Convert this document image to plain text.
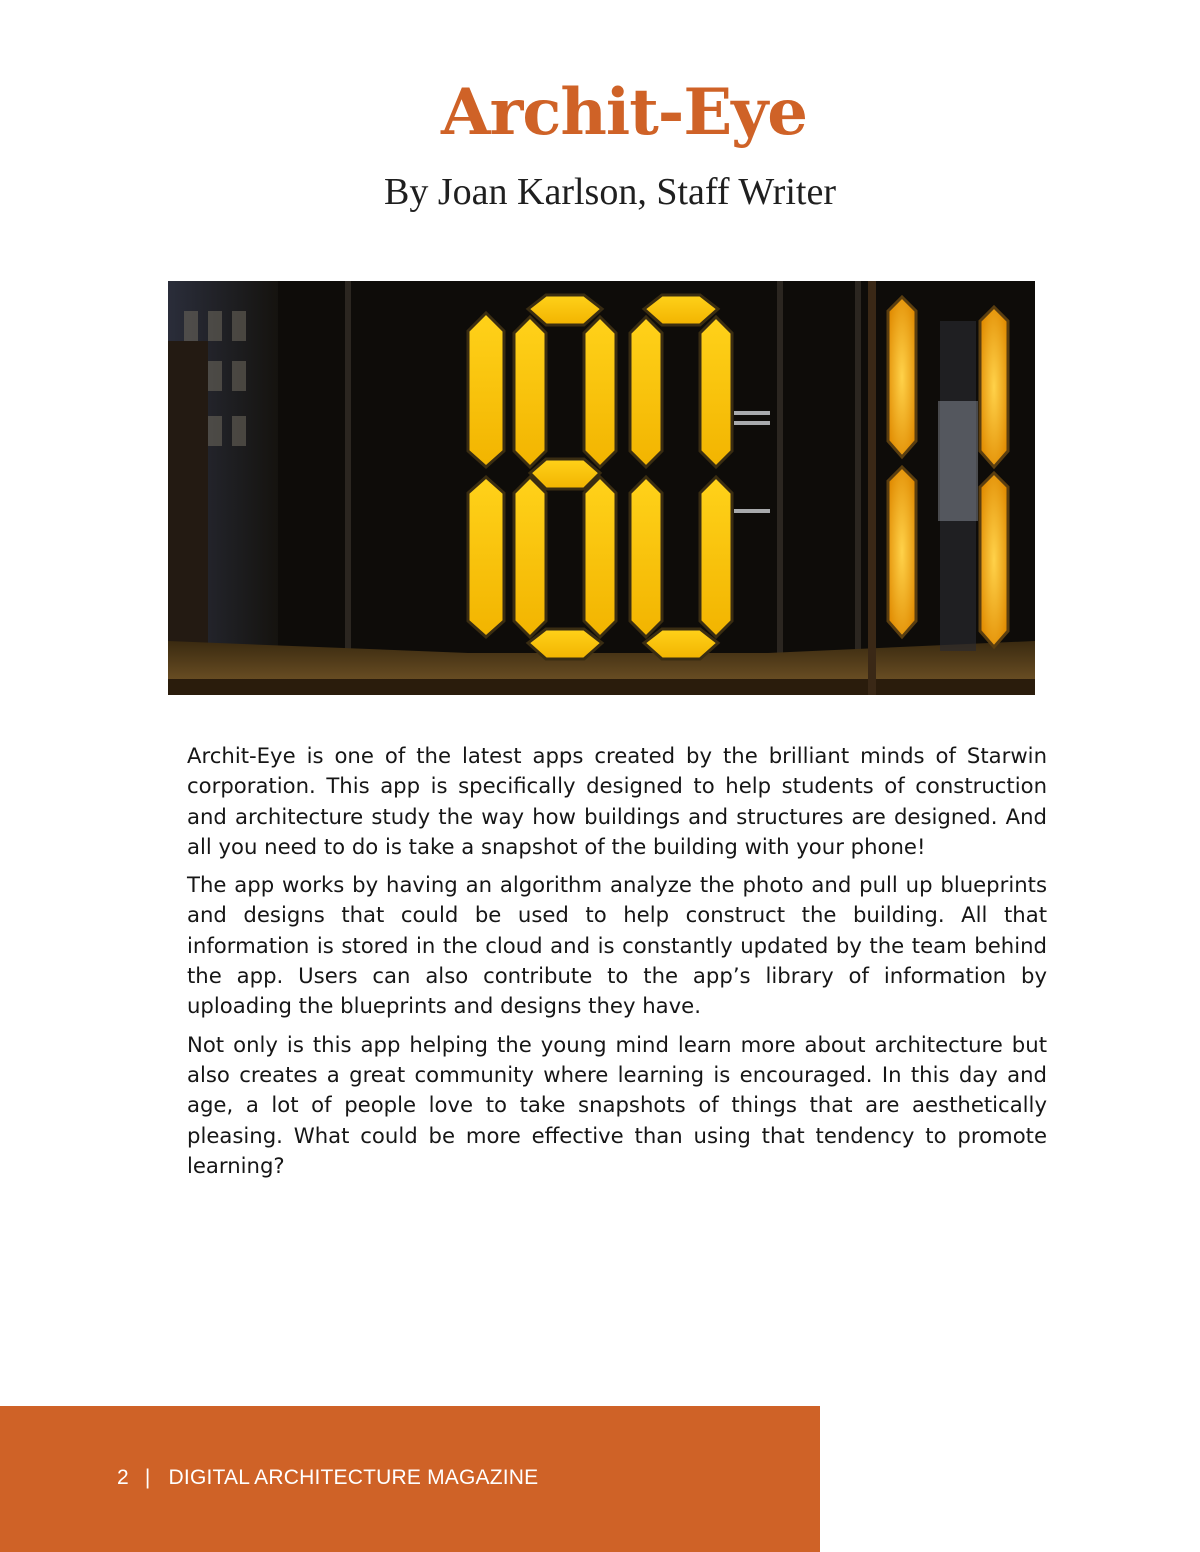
Archit-Eye
By Joan Karlson, Staff Writer

Archit-Eye is one of the latest apps created by the brilliant minds of Starwin corporation. This app is specifically designed to help students of construction and architecture study the way how buildings and structures are designed. And all you need to do is take a snapshot of the building with your phone!

The app works by having an algorithm analyze the photo and pull up blueprints and designs that could be used to help construct the building. All that information is stored in the cloud and is constantly updated by the team behind the app. Users can also contribute to the app’s library of information by uploading the blueprints and designs they have.

Not only is this app helping the young mind learn more about architecture but also creates a great community where learning is encouraged. In this day and age, a lot of people love to take snapshots of things that are aesthetically pleasing. What could be more effective than using that tendency to promote learning?

2 | DIGITAL ARCHITECTURE MAGAZINE
